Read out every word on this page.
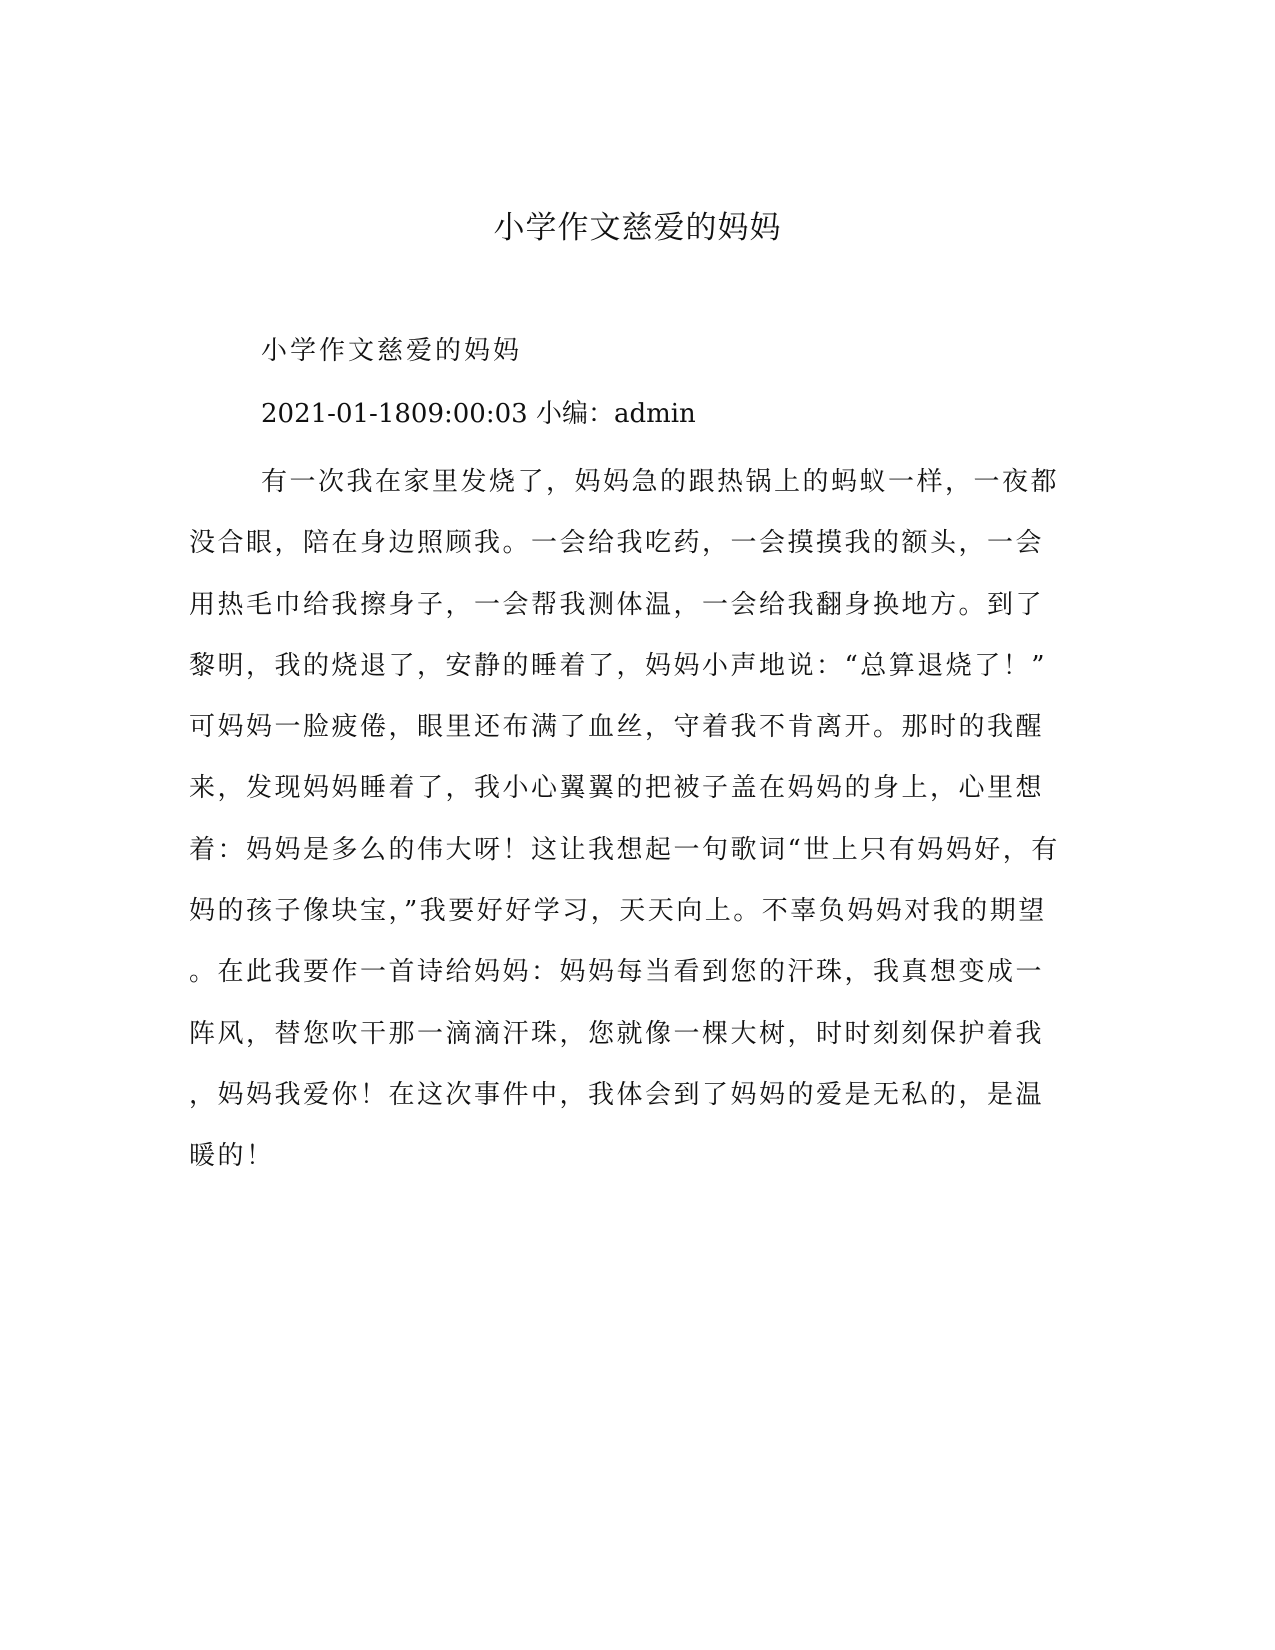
小学作文慈爱的妈妈

小学作文慈爱的妈妈

2021-01-1809:00:03 小编：admin

有一次我在家里发烧了，妈妈急的跟热锅上的蚂蚁一样，一夜都
没合眼，陪在身边照顾我。一会给我吃药，一会摸摸我的额头，一会
用热毛巾给我擦身子，一会帮我测体温，一会给我翻身换地方。到了
黎明，我的烧退了，安静的睡着了，妈妈小声地说：“总算退烧了！”
可妈妈一脸疲倦，眼里还布满了血丝，守着我不肯离开。那时的我醒
来，发现妈妈睡着了，我小心翼翼的把被子盖在妈妈的身上，心里想
着：妈妈是多么的伟大呀！这让我想起一句歌词“世上只有妈妈好，有
妈的孩子像块宝，”我要好好学习，天天向上。不辜负妈妈对我的期望
。在此我要作一首诗给妈妈：妈妈每当看到您的汗珠，我真想变成一
阵风，替您吹干那一滴滴汗珠，您就像一棵大树，时时刻刻保护着我
，妈妈我爱你！在这次事件中，我体会到了妈妈的爱是无私的，是温
暖的！
